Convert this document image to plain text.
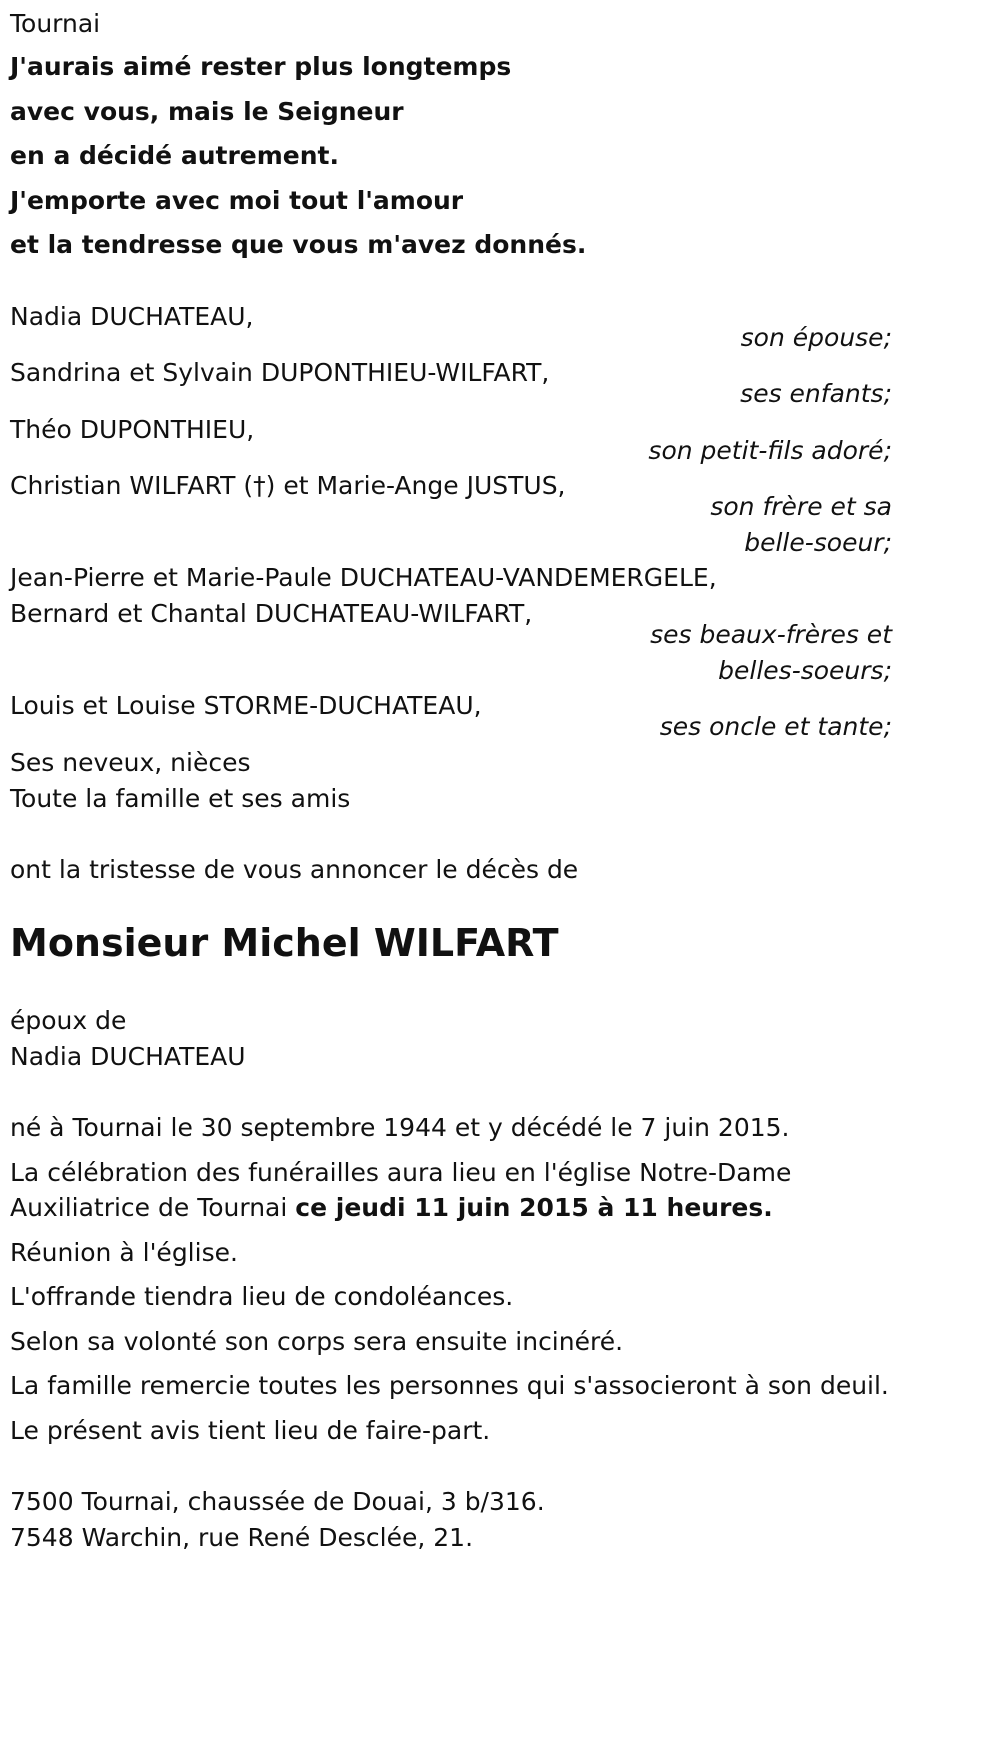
Tournai
J'aurais aimé rester plus longtemps
avec vous, mais le Seigneur
en a décidé autrement.
J'emporte avec moi tout l'amour
et la tendresse que vous m'avez donnés.
Nadia DUCHATEAU,
son épouse;
Sandrina et Sylvain DUPONTHIEU-WILFART,
ses enfants;
Théo DUPONTHIEU,
son petit-fils adoré;
Christian WILFART (†) et Marie-Ange JUSTUS,
son frère et sa
belle-soeur;
Jean-Pierre et Marie-Paule DUCHATEAU-VANDEMERGELE,
Bernard et Chantal DUCHATEAU-WILFART,
ses beaux-frères et
belles-soeurs;
Louis et Louise STORME-DUCHATEAU,
ses oncle et tante;
Ses neveux, nièces
Toute la famille et ses amis
ont la tristesse de vous annoncer le décès de
Monsieur Michel WILFART
époux de
Nadia DUCHATEAU
né à Tournai le 30 septembre 1944 et y décédé le 7 juin 2015.
La célébration des funérailles aura lieu en l'église Notre-Dame
Auxiliatrice de Tournai ce jeudi 11 juin 2015 à 11 heures.
Réunion à l'église.
L'offrande tiendra lieu de condoléances.
Selon sa volonté son corps sera ensuite incinéré.
La famille remercie toutes les personnes qui s'associeront à son deuil.
Le présent avis tient lieu de faire-part.
7500 Tournai, chaussée de Douai, 3 b/316.
7548 Warchin, rue René Desclée, 21.
